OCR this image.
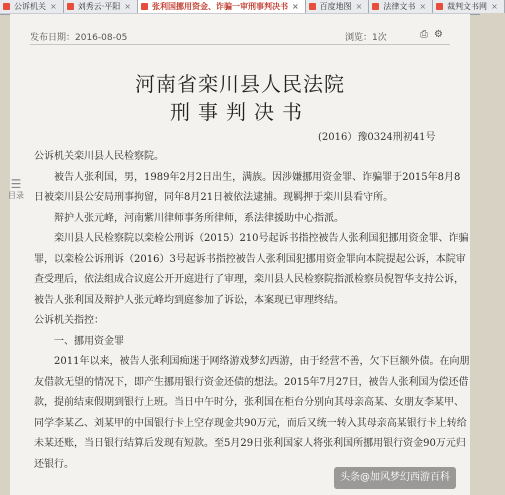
公诉机关 ×	刘秀云·平阳 ×	张利国挪用资金、诈骗一审刑事判决书 ×	百度地图 ×	法律文书 ×	裁判文书网 ×
发布日期：2016-08-05	浏览：1次	⎙⚙
☰
目录
河南省栾川县人民法院
刑事判决书
(2016）豫0324刑初41号

公诉机关栾川县人民检察院。

被告人张利国，男，1989年2月2日出生，满族。因涉嫌挪用资金罪、诈骗罪于2015年8月8日被栾川县公安局刑事拘留，同年8月21日被依法逮捕。现羁押于栾川县看守所。

辩护人张元峰，河南紫川律师事务所律师，系法律援助中心指派。

栾川县人民检察院以栾检公刑诉（2015）210号起诉书指控被告人张利国犯挪用资金罪、诈骗罪，以栾检公诉刑诉（2016）3号起诉书指控被告人张利国犯挪用资金罪向本院提起公诉，本院审查受理后，依法组成合议庭公开开庭进行了审理，栾川县人民检察院指派检察员倪智华支持公诉，被告人张利国及辩护人张元峰均到庭参加了诉讼，本案现已审理终结。

公诉机关指控：

一、挪用资金罪

2011年以来，被告人张利国痴迷于网络游戏梦幻西游，由于经营不善，欠下巨额外债。在向朋友借款无望的情况下，即产生挪用银行资金还债的想法。2015年7月27日，被告人张利国为偿还借款，提前结束假期到银行上班。当日中午时分，张利国在柜台分别向其母亲高某、女朋友李某甲、同学李某乙、刘某甲的中国银行卡上空存现金共90万元，而后又统一转入其母亲高某银行卡上转给未某还账，当日银行结算后发现有短款。至5月29日张利国家人将张利国所挪用银行资金90万元归还银行。

头条@加风梦幻西游百科
